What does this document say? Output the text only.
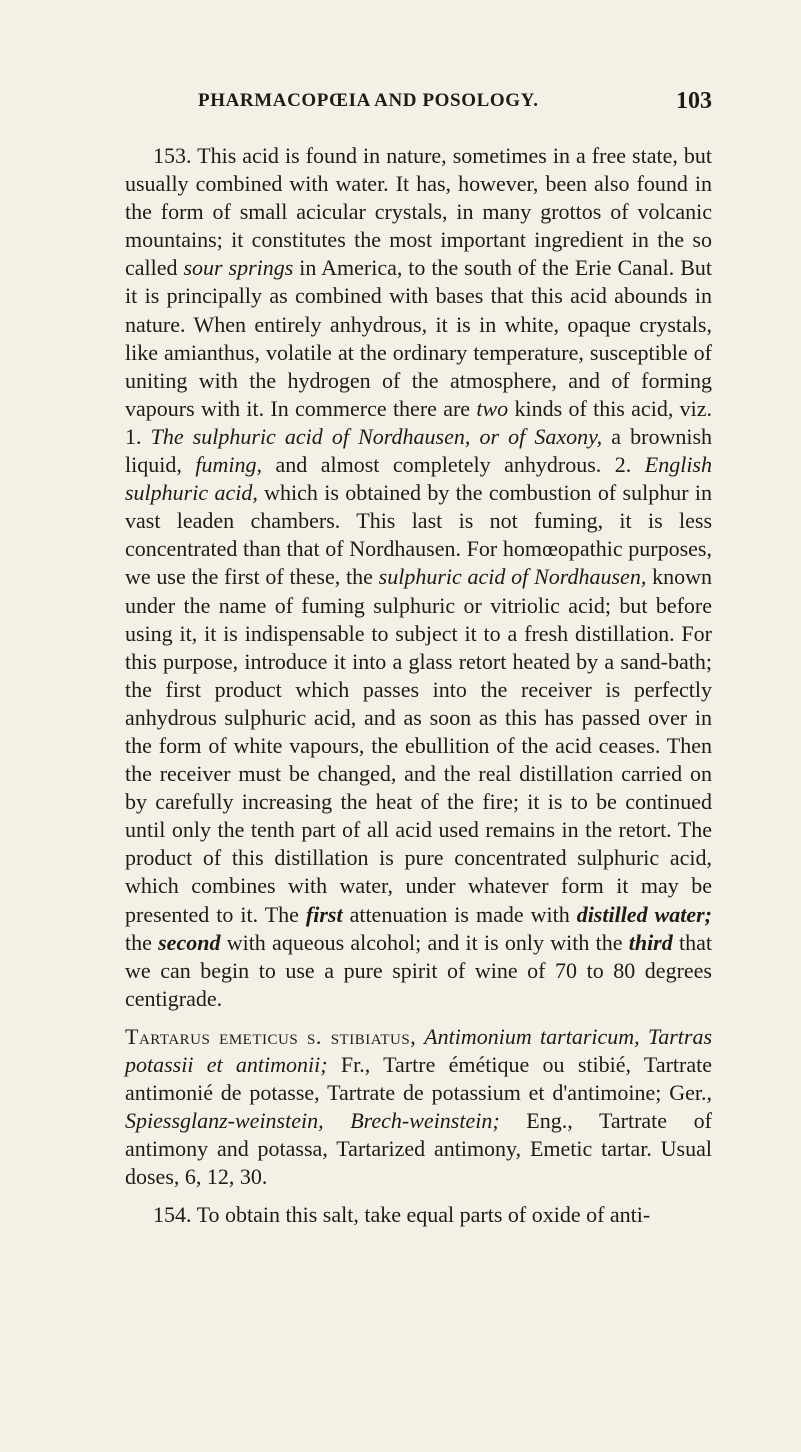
PHARMACOPŒIA AND POSOLOGY.	103

153. This acid is found in nature, sometimes in a free state, but usually combined with water. It has, however, been also found in the form of small acicular crystals, in many grottos of volcanic mountains; it constitutes the most important ingredient in the so called sour springs in America, to the south of the Erie Canal. But it is principally as combined with bases that this acid abounds in nature. When entirely anhydrous, it is in white, opaque crystals, like amianthus, volatile at the ordinary temperature, susceptible of uniting with the hydrogen of the atmosphere, and of forming vapours with it. In commerce there are two kinds of this acid, viz. 1. The sulphuric acid of Nordhausen, or of Saxony, a brownish liquid, fuming, and almost completely anhydrous. 2. English sulphuric acid, which is obtained by the combustion of sulphur in vast leaden chambers. This last is not fuming, it is less concentrated than that of Nordhausen. For homœopathic purposes, we use the first of these, the sulphuric acid of Nordhausen, known under the name of fuming sulphuric or vitriolic acid; but before using it, it is indispensable to subject it to a fresh distillation. For this purpose, introduce it into a glass retort heated by a sand-bath; the first product which passes into the receiver is perfectly anhydrous sulphuric acid, and as soon as this has passed over in the form of white vapours, the ebullition of the acid ceases. Then the receiver must be changed, and the real distillation carried on by carefully increasing the heat of the fire; it is to be continued until only the tenth part of all acid used remains in the retort. The product of this distillation is pure concentrated sulphuric acid, which combines with water, under whatever form it may be presented to it. The first attenuation is made with distilled water; the second with aqueous alcohol; and it is only with the third that we can begin to use a pure spirit of wine of 70 to 80 degrees centigrade.

Tartarus emeticus s. stibiatus, Antimonium tartaricum, Tartras potassii et antimonii; Fr., Tartre émétique ou stibié, Tartrate antimonié de potasse, Tartrate de potassium et d'antimoine; Ger., Spiessglanz-weinstein, Brech-weinstein; Eng., Tartrate of antimony and potassa, Tartarized antimony, Emetic tartar. Usual doses, 6, 12, 30.

154. To obtain this salt, take equal parts of oxide of anti-
